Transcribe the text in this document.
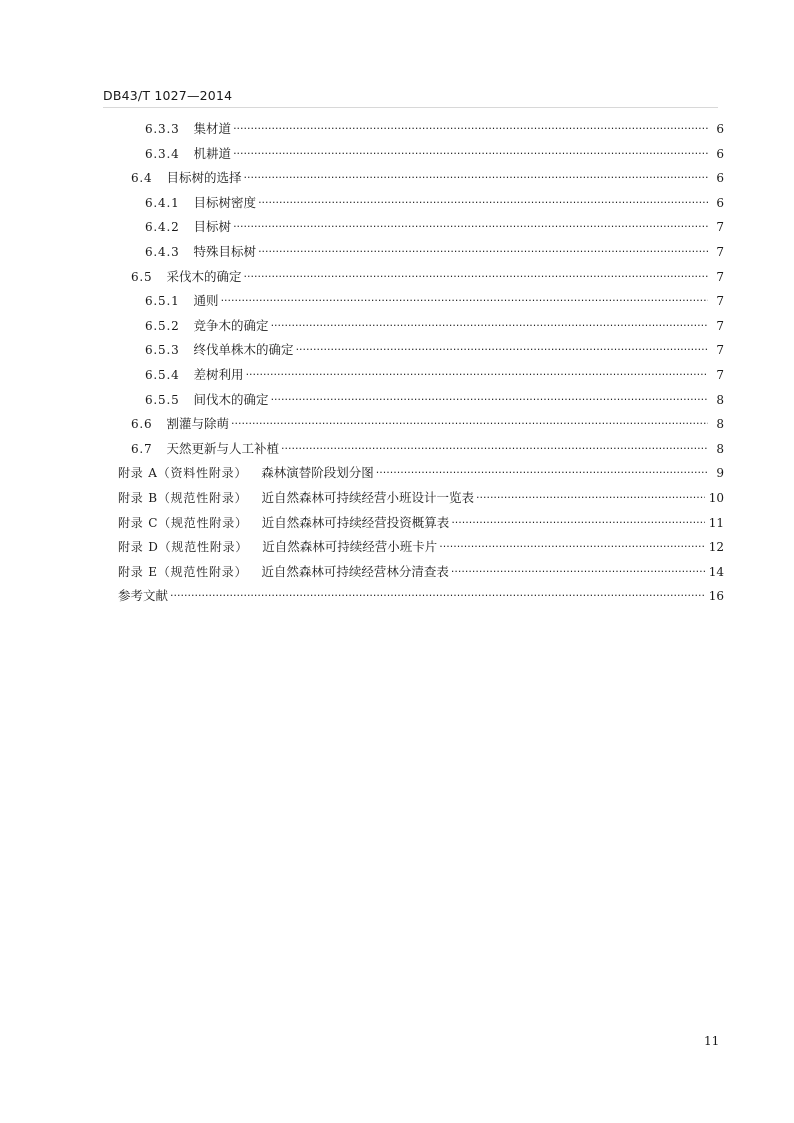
DB43/T 1027—2014
6.3.3 集材道 ·····	6
6.3.4 机耕道 ·····	6
6.4 目标树的选择 ·····	6
6.4.1 目标树密度 ·····	6
6.4.2 目标树 ·····	7
6.4.3 特殊目标树 ·····	7
6.5 采伐木的确定 ·····	7
6.5.1 通则 ·····	7
6.5.2 竞争木的确定 ·····	7
6.5.3 终伐单株木的确定 ·····	7
6.5.4 差树利用 ·····	7
6.5.5 间伐木的确定 ·····	8
6.6 割灌与除萌 ·····	8
6.7 天然更新与人工补植 ·····	8
附录 A（资料性附录） 森林演替阶段划分图 ·····	9
附录 B（规范性附录） 近自然森林可持续经营小班设计一览表 ·····	10
附录 C（规范性附录） 近自然森林可持续经营投资概算表 ·····	11
附录 D（规范性附录） 近自然森林可持续经营小班卡片 ·····	12
附录 E（规范性附录） 近自然森林可持续经营林分清查表 ·····	14
参考文献 ·····	16
11
